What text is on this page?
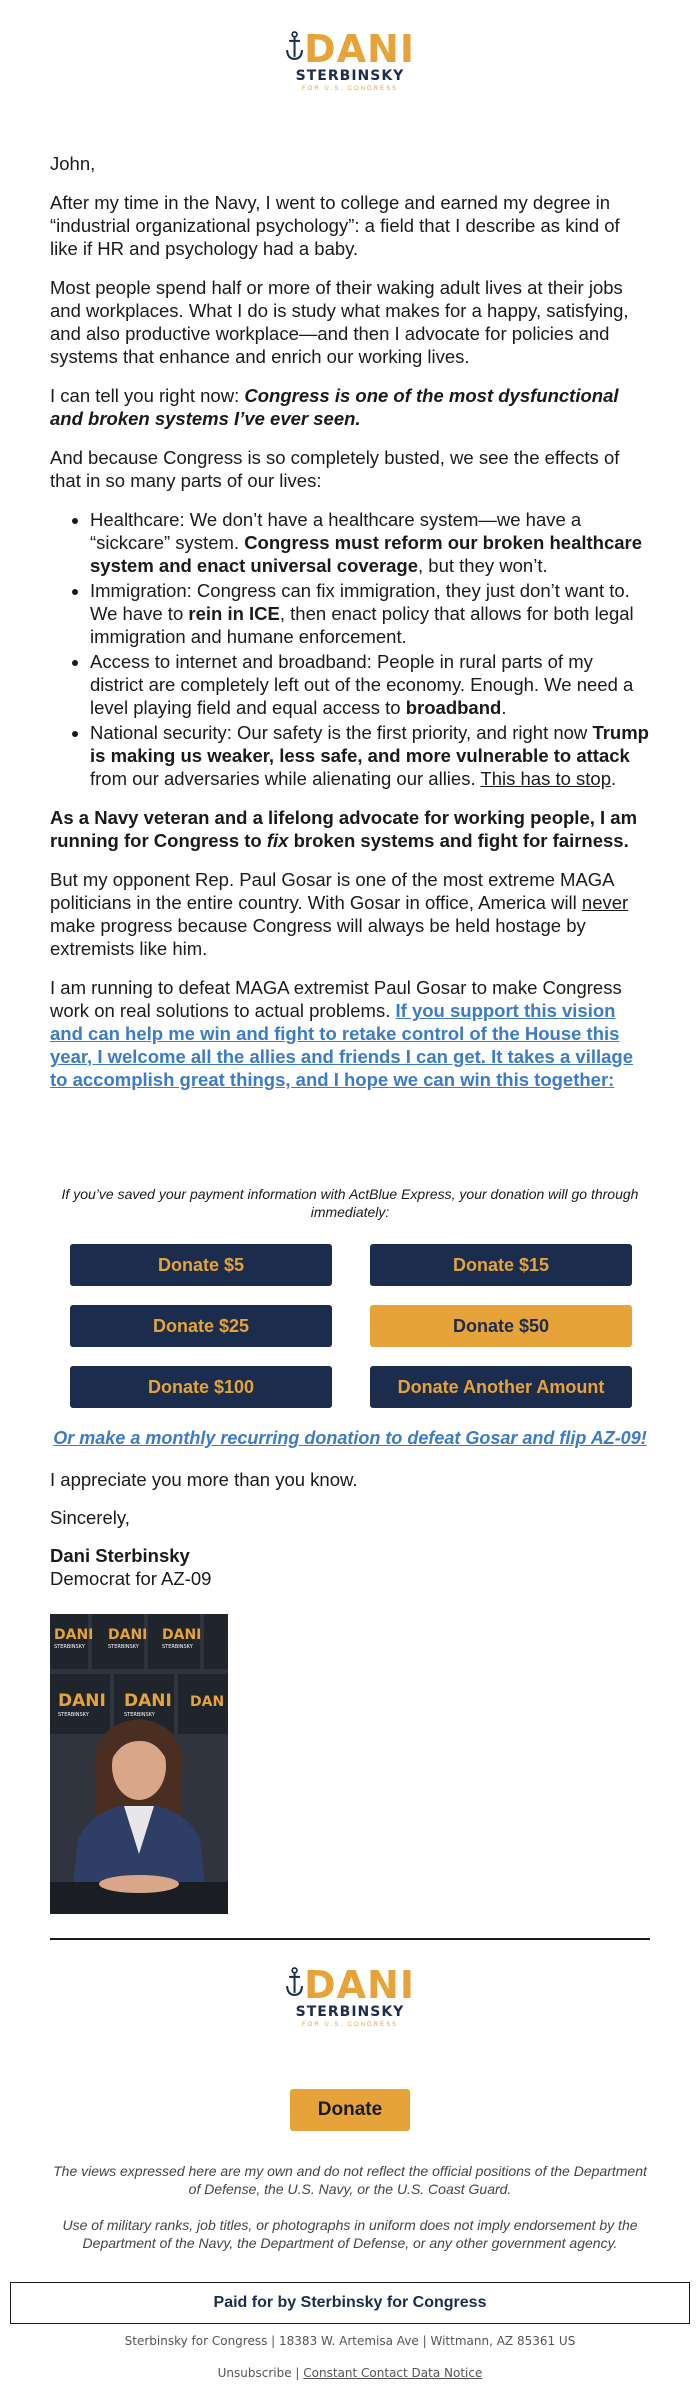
DANI
STERBINSKY
FOR U.S. CONGRESS

John,

After my time in the Navy, I went to college and earned my degree in “industrial organizational psychology”: a field that I describe as kind of like if HR and psychology had a baby.

Most people spend half or more of their waking adult lives at their jobs and workplaces. What I do is study what makes for a happy, satisfying, and also productive workplace—and then I advocate for policies and systems that enhance and enrich our working lives.

I can tell you right now: Congress is one of the most dysfunctional and broken systems I’ve ever seen.

And because Congress is so completely busted, we see the effects of that in so many parts of our lives:

• Healthcare: We don’t have a healthcare system—we have a “sickcare” system. Congress must reform our broken healthcare system and enact universal coverage, but they won’t.
• Immigration: Congress can fix immigration, they just don’t want to. We have to rein in ICE, then enact policy that allows for both legal immigration and humane enforcement.
• Access to internet and broadband: People in rural parts of my district are completely left out of the economy. Enough. We need a level playing field and equal access to broadband.
• National security: Our safety is the first priority, and right now Trump is making us weaker, less safe, and more vulnerable to attack from our adversaries while alienating our allies. This has to stop.

As a Navy veteran and a lifelong advocate for working people, I am running for Congress to fix broken systems and fight for fairness.

But my opponent Rep. Paul Gosar is one of the most extreme MAGA politicians in the entire country. With Gosar in office, America will never make progress because Congress will always be held hostage by extremists like him.

I am running to defeat MAGA extremist Paul Gosar to make Congress work on real solutions to actual problems. If you support this vision and can help me win and fight to retake control of the House this year, I welcome all the allies and friends I can get. It takes a village to accomplish great things, and I hope we can win this together:

If you’ve saved your payment information with ActBlue Express, your donation will go through immediately:
Donate $5	Donate $15
Donate $25	Donate $50
Donate $100	Donate Another Amount
Or make a monthly recurring donation to defeat Gosar and flip AZ-09!
I appreciate you more than you know.
Sincerely,
Dani Sterbinsky
Democrat for AZ-09
DANI DANI DANI
DANI DANI DAN
STERBINSKY	STERBINSKY	STERBINSKY
STERBINSKY	STERBINSKY
DANI
STERBINSKY
FOR U.S. CONGRESS
Donate
The views expressed here are my own and do not reflect the official positions of the Department of Defense, the U.S. Navy, or the U.S. Coast Guard.
Use of military ranks, job titles, or photographs in uniform does not imply endorsement by the Department of the Navy, the Department of Defense, or any other government agency.
Paid for by Sterbinsky for Congress
Sterbinsky for Congress | 18383 W. Artemisa Ave | Wittmann, AZ 85361 US
Unsubscribe | Constant Contact Data Notice
